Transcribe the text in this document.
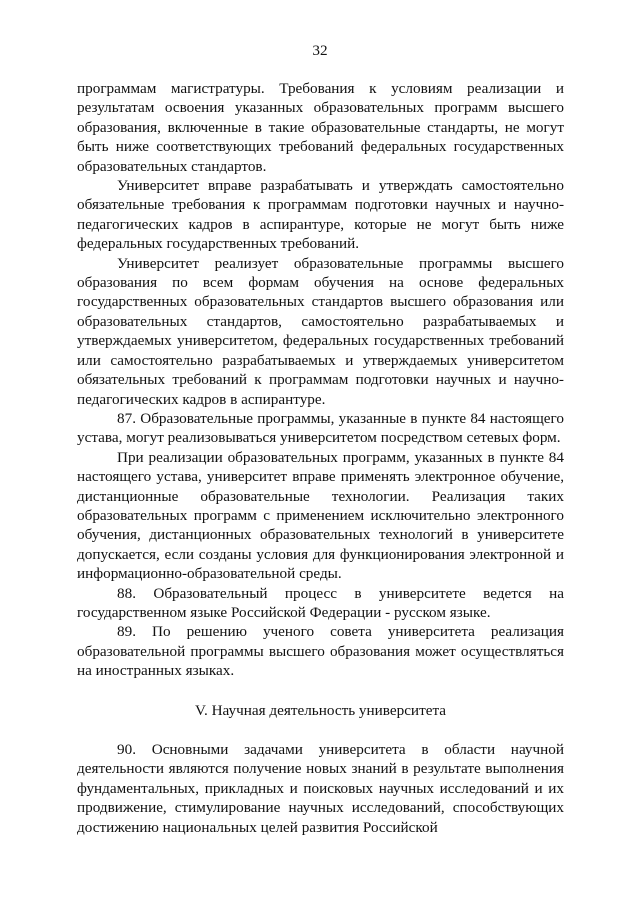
32

программам магистратуры. Требования к условиям реализации и результатам освоения указанных образовательных программ высшего образования, включенные в такие образовательные стандарты, не могут быть ниже соответствующих требований федеральных государственных образовательных стандартов.

Университет вправе разрабатывать и утверждать самостоятельно обязательные требования к программам подготовки научных и научно-педагогических кадров в аспирантуре, которые не могут быть ниже федеральных государственных требований.

Университет реализует образовательные программы высшего образования по всем формам обучения на основе федеральных государственных образовательных стандартов высшего образования или образовательных стандартов, самостоятельно разрабатываемых и утверждаемых университетом, федеральных государственных требований или самостоятельно разрабатываемых и утверждаемых университетом обязательных требований к программам подготовки научных и научно-педагогических кадров в аспирантуре.

87. Образовательные программы, указанные в пункте 84 настоящего устава, могут реализовываться университетом посредством сетевых форм.

При реализации образовательных программ, указанных в пункте 84 настоящего устава, университет вправе применять электронное обучение, дистанционные образовательные технологии. Реализация таких образовательных программ с применением исключительно электронного обучения, дистанционных образовательных технологий в университете допускается, если созданы условия для функционирования электронной и информационно-образовательной среды.

88. Образовательный процесс в университете ведется на государственном языке Российской Федерации - русском языке.

89. По решению ученого совета университета реализация образовательной программы высшего образования может осуществляться на иностранных языках.

V. Научная деятельность университета

90. Основными задачами университета в области научной деятельности являются получение новых знаний в результате выполнения фундаментальных, прикладных и поисковых научных исследований и их продвижение, стимулирование научных исследований, способствующих достижению национальных целей развития Российской
